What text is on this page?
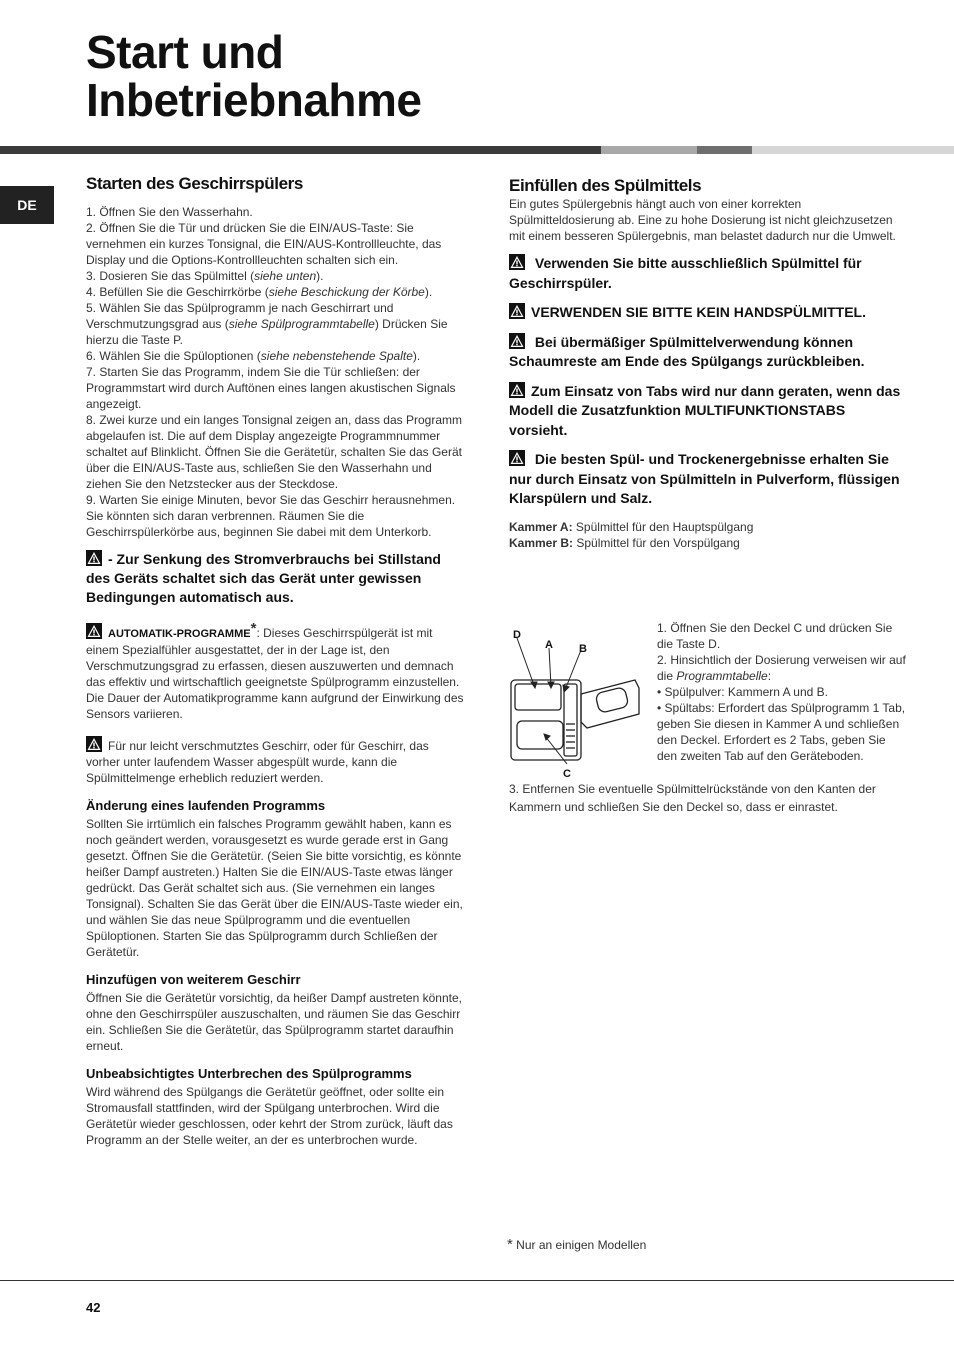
Start und
Inbetriebnahme
DE
Starten des Geschirrspülers

1. Öffnen Sie den Wasserhahn.

2. Öffnen Sie die Tür und drücken Sie die EIN/AUS-Taste: Sie vernehmen ein kurzes Tonsignal, die EIN/AUS-Kontrollleuchte, das Display und die Options-Kontrollleuchten schalten sich ein.

3. Dosieren Sie das Spülmittel (siehe unten).

4. Befüllen Sie die Geschirrkörbe (siehe Beschickung der Körbe).

5. Wählen Sie das Spülprogramm je nach Geschirrart und Verschmutzungsgrad aus (siehe Spülprogrammtabelle) Drücken Sie hierzu die Taste P.

6. Wählen Sie die Spüloptionen (siehe nebenstehende Spalte).

7. Starten Sie das Programm, indem Sie die Tür schließen: der Programmstart wird durch Auftönen eines langen akustischen Signals angezeigt.

8. Zwei kurze und ein langes Tonsignal zeigen an, dass das Programm abgelaufen ist. Die auf dem Display angezeigte Programmnummer schaltet auf Blinklicht. Öffnen Sie die Gerätetür, schalten Sie das Gerät über die EIN/AUS-Taste aus, schließen Sie den Wasserhahn und ziehen Sie den Netzstecker aus der Steckdose.

9. Warten Sie einige Minuten, bevor Sie das Geschirr herausnehmen. Sie könnten sich daran verbrennen. Räumen Sie die Geschirrspülerkörbe aus, beginnen Sie dabei mit dem Unterkorb.

- Zur Senkung des Stromverbrauchs bei Stillstand des Geräts schaltet sich das Gerät unter gewissen Bedingungen automatisch aus.

AUTOMATIK-PROGRAMME*: Dieses Geschirrspülgerät ist mit einem Spezialfühler ausgestattet, der in der Lage ist, den Verschmutzungsgrad zu erfassen, diesen auszuwerten und demnach das effektiv und wirtschaftlich geeignetste Spülprogramm einzustellen.

Die Dauer der Automatikprogramme kann aufgrund der Einwirkung des Sensors variieren.

Für nur leicht verschmutztes Geschirr, oder für Geschirr, das vorher unter laufendem Wasser abgespült wurde, kann die Spülmittelmenge erheblich reduziert werden.

Änderung eines laufenden Programms

Sollten Sie irrtümlich ein falsches Programm gewählt haben, kann es noch geändert werden, vorausgesetzt es wurde gerade erst in Gang gesetzt. Öffnen Sie die Gerätetür. (Seien Sie bitte vorsichtig, es könnte heißer Dampf austreten.) Halten Sie die EIN/AUS-Taste etwas länger gedrückt. Das Gerät schaltet sich aus. (Sie vernehmen ein langes Tonsignal). Schalten Sie das Gerät über die EIN/AUS-Taste wieder ein, und wählen Sie das neue Spülprogramm und die eventuellen Spüloptionen. Starten Sie das Spülprogramm durch Schließen der Gerätetür.

Hinzufügen von weiterem Geschirr

Öffnen Sie die Gerätetür vorsichtig, da heißer Dampf austreten könnte, ohne den Geschirrspüler auszuschalten, und räumen Sie das Geschirr ein. Schließen Sie die Gerätetür, das Spülprogramm startet daraufhin erneut.

Unbeabsichtigtes Unterbrechen des Spülprogramms

Wird während des Spülgangs die Gerätetür geöffnet, oder sollte ein Stromausfall stattfinden, wird der Spülgang unterbrochen. Wird die Gerätetür wieder geschlossen, oder kehrt der Strom zurück, läuft das Programm an der Stelle weiter, an der es unterbrochen wurde.

Einfüllen des Spülmittels

Ein gutes Spülergebnis hängt auch von einer korrekten Spülmitteldosierung ab. Eine zu hohe Dosierung ist nicht gleichzusetzen mit einem besseren Spülergebnis, man belastet dadurch nur die Umwelt.

Verwenden Sie bitte ausschließlich Spülmittel für Geschirrspüler.

VERWENDEN SIE BITTE KEIN HANDSPÜLMITTEL.

Bei übermäßiger Spülmittelverwendung können Schaumreste am Ende des Spülgangs zurückbleiben.

Zum Einsatz von Tabs wird nur dann geraten, wenn das Modell die Zusatzfunktion MULTIFUNKTIONSTABS vorsieht.

Die besten Spül- und Trockenergebnisse erhalten Sie nur durch Einsatz von Spülmitteln in Pulverform, flüssigen Klarspülern und Salz.

Kammer A: Spülmittel für den Hauptspülgang

Kammer B: Spülmittel für den Vorspülgang

D
A B
C

1. Öffnen Sie den Deckel C und drücken Sie die Taste D.

2. Hinsichtlich der Dosierung verweisen wir auf die Programmtabelle:

• Spülpulver: Kammern A und B.

• Spültabs: Erfordert das Spülprogramm 1 Tab, geben Sie diesen in Kammer A und schließen den Deckel. Erfordert es 2 Tabs, geben Sie den zweiten Tab auf den Geräteboden.

3. Entfernen Sie eventuelle Spülmittelrückstände von den Kanten der Kammern und schließen Sie den Deckel so, dass er einrastet.
* Nur an einigen Modellen
42
